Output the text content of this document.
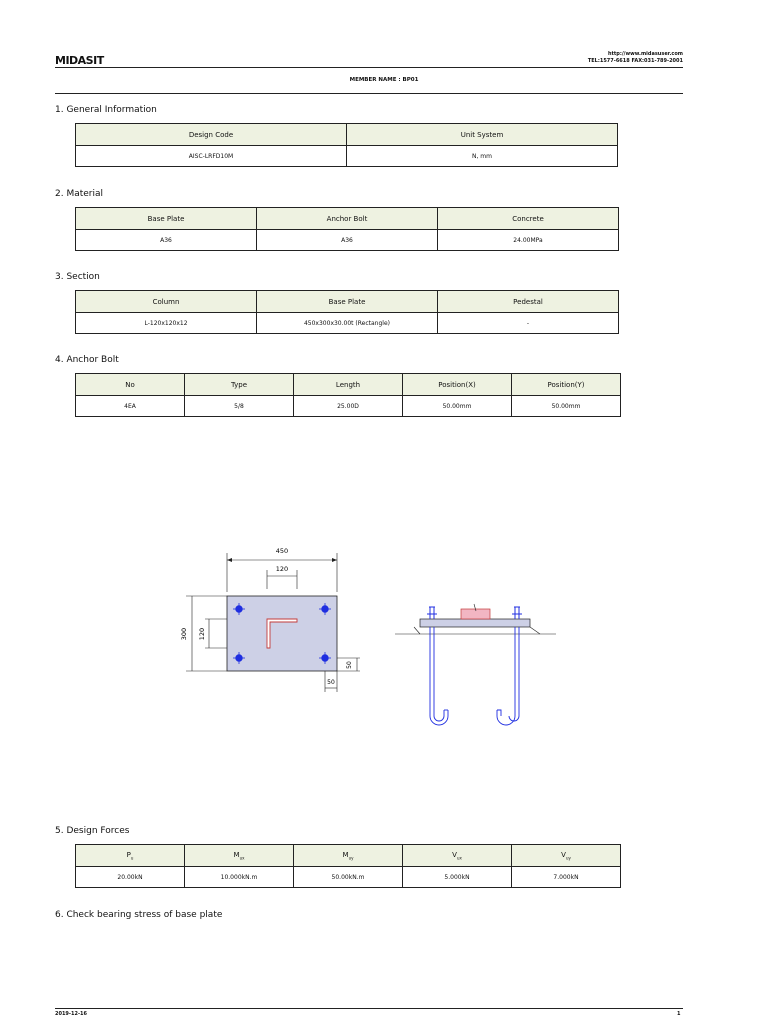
MIDASIT	http://www.midasuser.com
TEL:1577-6618 FAX:031-789-2001
MEMBER NAME : BP01
1. General Information
Design Code	Unit System
AISC-LRFD10M	N, mm
2. Material
Base Plate	Anchor Bolt	Concrete
A36	A36	24.00MPa
3. Section
Column	Base Plate	Pedestal
L-120x120x12	450x300x30.00t (Rectangle)	-
4. Anchor Bolt
No	Type	Length	Position(X)	Position(Y)
4EA	5/8	25.00D	50.00mm	50.00mm
450
120
300 120
50
50
5. Design Forces
$P_u$	$M_{ux}$	$M_{uy}$	$V_{ux}$	$V_{uy}$
20.00kN	10.000kN.m	50.00kN.m	5.000kN	7.000kN
6. Check bearing stress of base plate
2019-12-16	1
